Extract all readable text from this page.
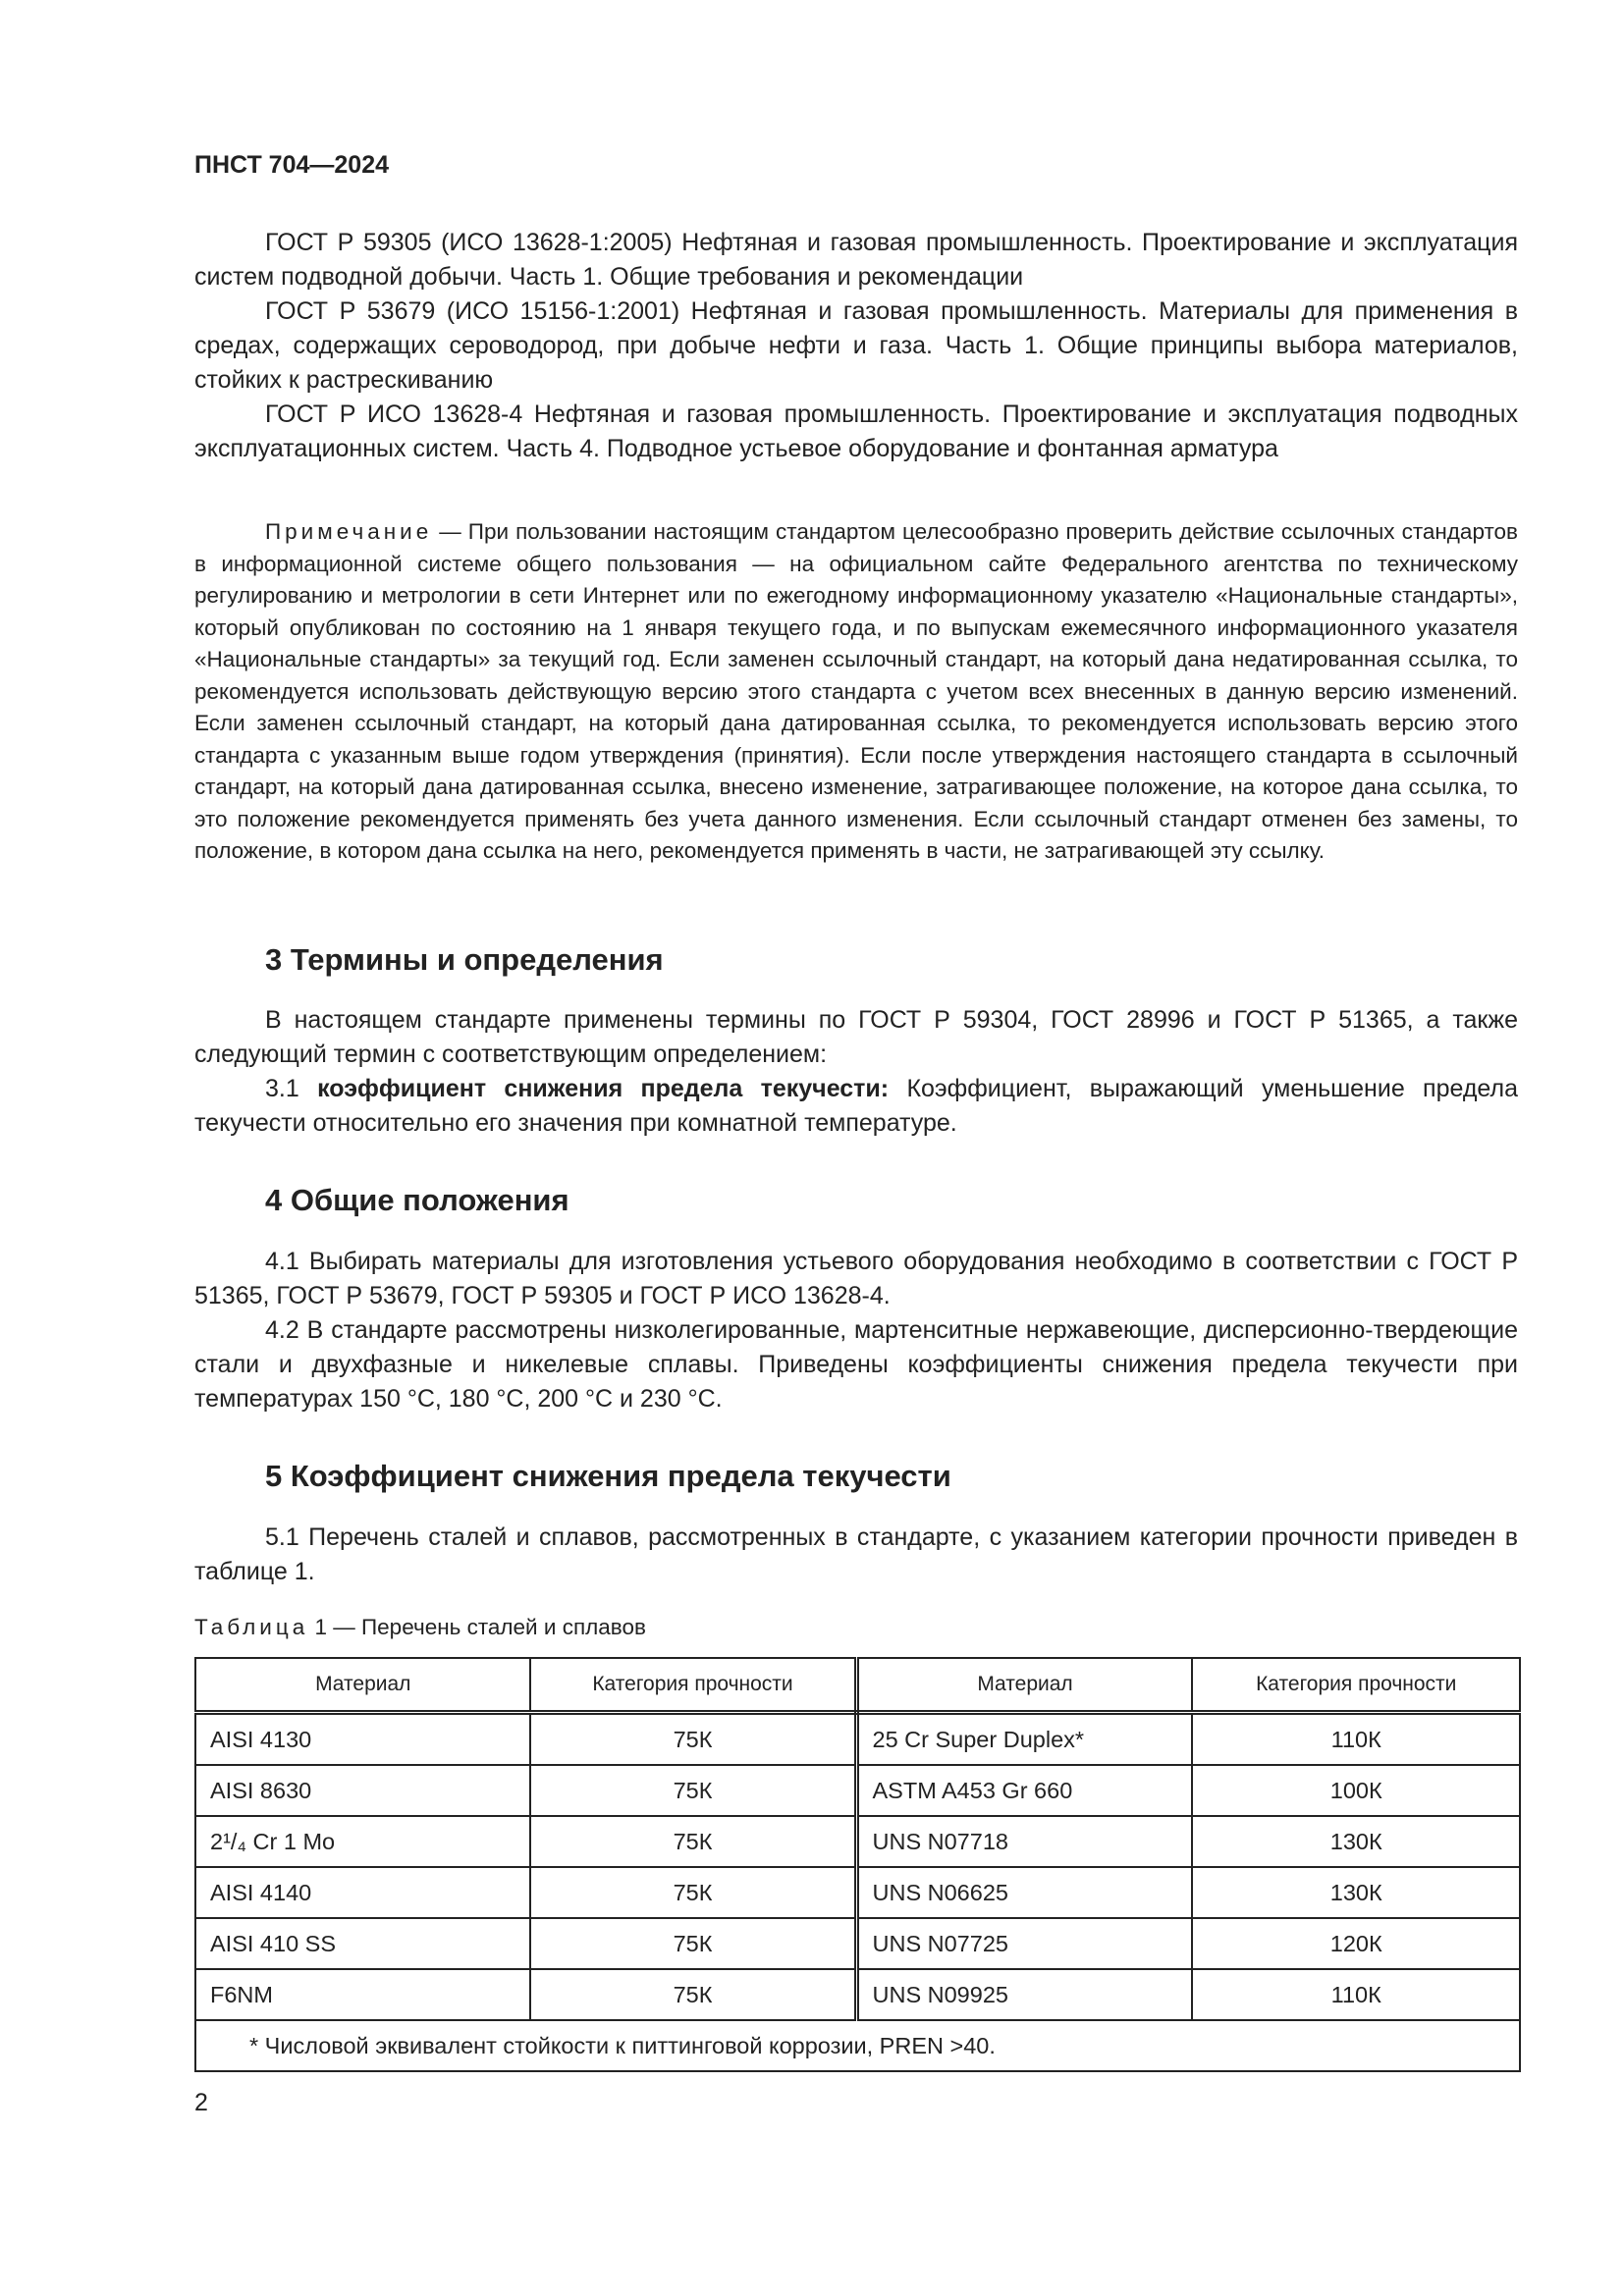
ПНСТ 704—2024

ГОСТ Р 59305 (ИСО 13628-1:2005) Нефтяная и газовая промышленность. Проектирование и эксплуатация систем подводной добычи. Часть 1. Общие требования и рекомендации

ГОСТ Р 53679 (ИСО 15156-1:2001) Нефтяная и газовая промышленность. Материалы для применения в средах, содержащих сероводород, при добыче нефти и газа. Часть 1. Общие принципы выбора материалов, стойких к растрескиванию

ГОСТ Р ИСО 13628-4 Нефтяная и газовая промышленность. Проектирование и эксплуатация подводных эксплуатационных систем. Часть 4. Подводное устьевое оборудование и фонтанная арматура

Примечание — При пользовании настоящим стандартом целесообразно проверить действие ссылочных стандартов в информационной системе общего пользования — на официальном сайте Федерального агентства по техническому регулированию и метрологии в сети Интернет или по ежегодному информационному указателю «Национальные стандарты», который опубликован по состоянию на 1 января текущего года, и по выпускам ежемесячного информационного указателя «Национальные стандарты» за текущий год. Если заменен ссылочный стандарт, на который дана недатированная ссылка, то рекомендуется использовать действующую версию этого стандарта с учетом всех внесенных в данную версию изменений. Если заменен ссылочный стандарт, на который дана датированная ссылка, то рекомендуется использовать версию этого стандарта с указанным выше годом утверждения (принятия). Если после утверждения настоящего стандарта в ссылочный стандарт, на который дана датированная ссылка, внесено изменение, затрагивающее положение, на которое дана ссылка, то это положение рекомендуется применять без учета данного изменения. Если ссылочный стандарт отменен без замены, то положение, в котором дана ссылка на него, рекомендуется применять в части, не затрагивающей эту ссылку.

3 Термины и определения

В настоящем стандарте применены термины по ГОСТ Р 59304, ГОСТ 28996 и ГОСТ Р 51365, а также следующий термин с соответствующим определением:

3.1 коэффициент снижения предела текучести: Коэффициент, выражающий уменьшение предела текучести относительно его значения при комнатной температуре.

4 Общие положения

4.1 Выбирать материалы для изготовления устьевого оборудования необходимо в соответствии с ГОСТ Р 51365, ГОСТ Р 53679, ГОСТ Р 59305 и ГОСТ Р ИСО 13628-4.

4.2 В стандарте рассмотрены низколегированные, мартенситные нержавеющие, дисперсионно-твердеющие стали и двухфазные и никелевые сплавы. Приведены коэффициенты снижения предела текучести при температурах 150 °С, 180 °С, 200 °С и 230 °С.

5 Коэффициент снижения предела текучести

5.1 Перечень сталей и сплавов, рассмотренных в стандарте, с указанием категории прочности приведен в таблице 1.

Таблица 1 — Перечень сталей и сплавов
Материал	Категория прочности	Материал	Категория прочности
AISI 4130	75К	25 Cr Super Duplex*	110К
AISI 8630	75К	ASTM A453 Gr 660	100К
2¹/₄ Cr 1 Mo	75К	UNS N07718	130К
AISI 4140	75К	UNS N06625	130К
AISI 410 SS	75К	UNS N07725	120К
F6NM	75К	UNS N09925	110К
* Числовой эквивалент стойкости к питтинговой коррозии, PREN >40.			
2
